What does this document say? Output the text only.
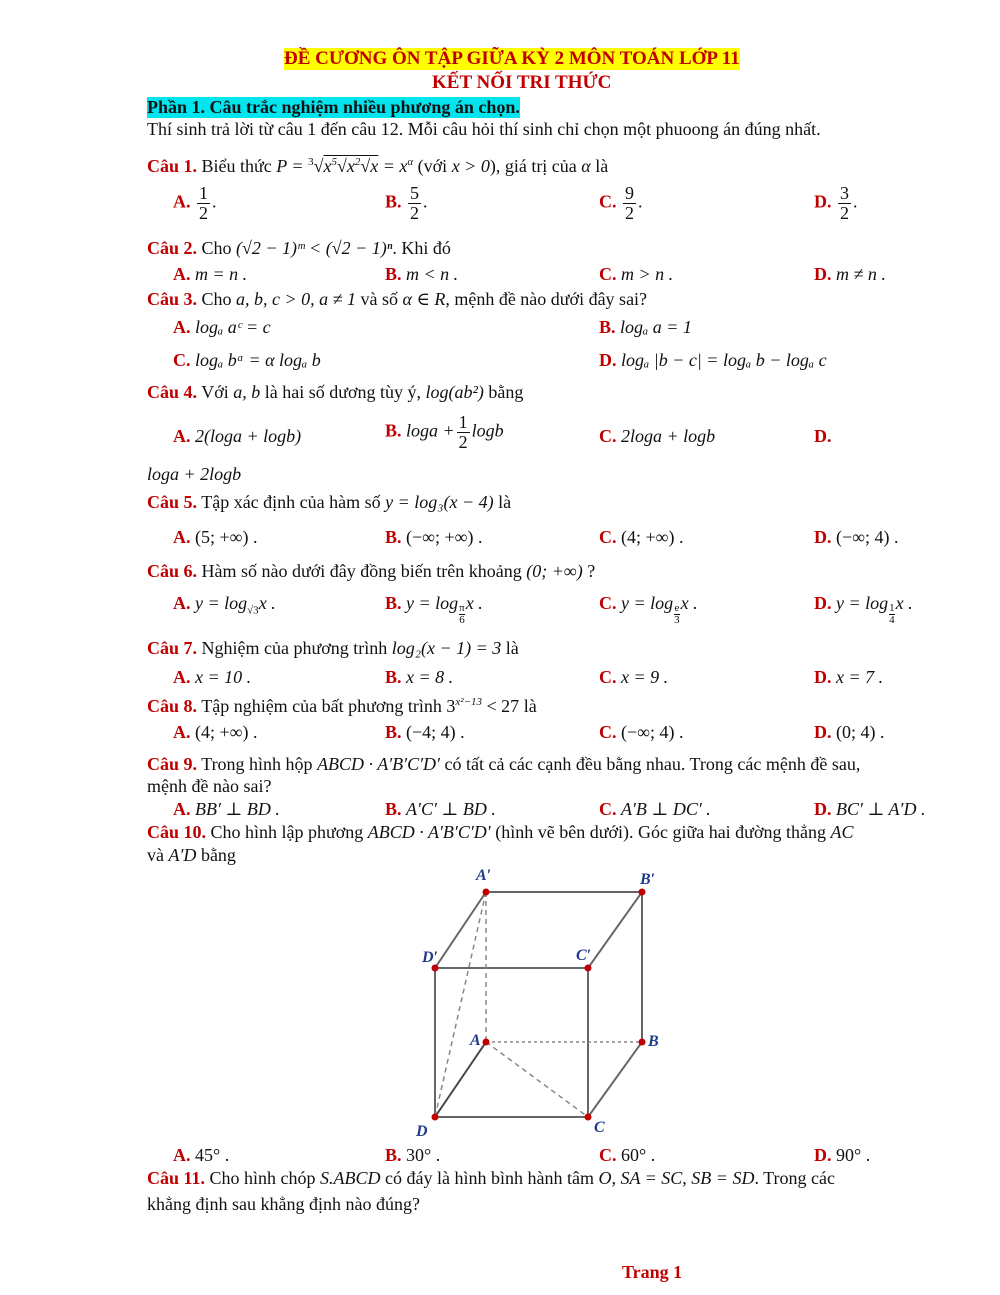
ĐỀ CƯƠNG ÔN TẬP GIỮA KỲ 2 MÔN TOÁN LỚP 11
KẾT NỐI TRI THỨC
Phần 1. Câu trắc nghiệm nhiều phương án chọn.
Thí sinh trả lời từ câu 1 đến câu 12. Mỗi câu hỏi thí sinh chỉ chọn một phuoong án đúng nhất.
Câu 1. Biểu thức $P = ^3√x^5√x^2√x = x^\alpha$ (với x > 0), giá trị của α là
A. $\frac{1}{2}$ .	B. $\frac{5}{2}$ .	C. $\frac{9}{2}$ .	D. $\frac{3}{2}$ .
Câu 2. Cho (√2 − 1)ᵐ < (√2 − 1)ⁿ. Khi đó
A. m = n .	B. m < n .	C. m > n .	D. m ≠ n .
Câu 3. Cho a, b, c > 0, a ≠ 1 và số α ∈ R, mệnh đề nào dưới đây sai?
A. logₐ aᶜ = c	B. logₐ a = 1
C. logₐ bᵅ = α logₐ b	D. logₐ |b − c| = logₐ b − logₐ c
Câu 4. Với a, b là hai số dương tùy ý, log(ab²) bằng
A. 2(loga + logb)	B. $\log a + \frac{1}{2}$ logb	C. 2loga + logb	D.
loga + 2logb
Câu 5. Tập xác định của hàm số y = log₃(x − 4) là
A. (5; +∞) .	B. (−∞; +∞) .	C. (4; +∞) .	D. (−∞; 4) .
Câu 6. Hàm số nào dưới đây đồng biến trên khoảng (0; +∞) ?
A. $y = \log_{√3}x$ .	B. $y = \log \frac{\pi}{6}$ x .	C. $y = \log \frac{e}{3}$ x .	D. $y = \log \frac{1}{4}$ x .
Câu 7. Nghiệm của phương trình log₂(x − 1) = 3 là
A. x = 10 .	B. x = 8 .	C. x = 9 .	D. x = 7 .
Câu 8. Tập nghiệm của bất phương trình $3^{x^2-13} < 27$ là
A. (4; +∞) .	B. (−4; 4) .	C. (−∞; 4) .	D. (0; 4) .
Câu 9. Trong hình hộp ABCD · A′B′C′D′ có tất cả các cạnh đều bằng nhau. Trong các mệnh đề sau,
mệnh đề nào sai?
A. BB′ ⊥ BD .	B. A′C′ ⊥ BD .	C. A′B ⊥ DC′ .	D. BC′ ⊥ A′D .
Câu 10. Cho hình lập phương ABCD · A′B′C′D′ (hình vẽ bên dưới). Góc giữa hai đường thẳng AC
và A′D bằng
A′	B′
D′	C′
A	B
D	C
A. 45° .	B. 30° .	C. 60° .	D. 90° .
Câu 11. Cho hình chóp S.ABCD có đáy là hình bình hành tâm O, SA = SC, SB = SD. Trong các
khẳng định sau khẳng định nào đúng?
Trang 1
